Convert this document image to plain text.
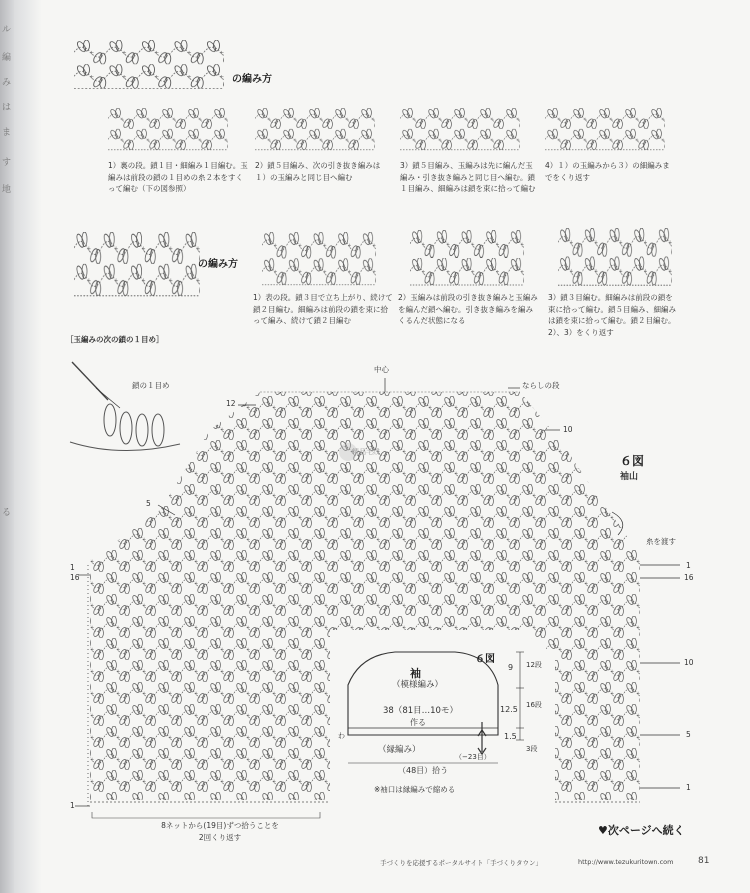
ル
編
み
は
ま
す
地
る
の編み方
1）裏の段。鎖１目・細編み１目編む。玉編みは前段の鎖の１目めの糸２本をすくって編む（下の図参照）
2）鎖５目編み、次の引き抜き編みは１）の玉編みと同じ目へ編む
3）鎖５目編み、玉編みは先に編んだ玉編み・引き抜き編みと同じ目へ編む。鎖１目編み、細編みは鎖を束に拾って編む
4）１）の玉編みから３）の細編みまでをくり返す
の編み方
1）表の段。鎖３目で立ち上がり、続けて鎖２目編む。細編みは前段の鎖を束に拾って編み、続けて鎖２目編む
2）玉編みは前段の引き抜き編みと玉編みを編んだ鎖へ編む。引き抜き編みを編みくるんだ状態になる
3）鎖３目編む。細編みは前段の鎖を束に拾って編む。鎖５目編み、細編みは鎖を束に拾って編む。鎖２目編む。2）、3）をくり返す
［玉編みの次の鎖の１目め］
鎖の１目め
中心
ならしの段
12
5
1
16
10
1
16
10
5
1
1
糸を渡す
６図
袖山
8ネットから(19目)ずつ拾うことを
2回くり返す
精品毛线
６図
袖
（模様編み）
38（81目…10モ）
作る
わ
（縁編み）
（−23目）
（48目）拾う
9 12段
12.5 16段
1.5
3段
※袖口は縁編みで縮める
♥次ページへ続く
手づくりを応援するポータルサイト「手づくりタウン」	http://www.tezukuritown.com	81
